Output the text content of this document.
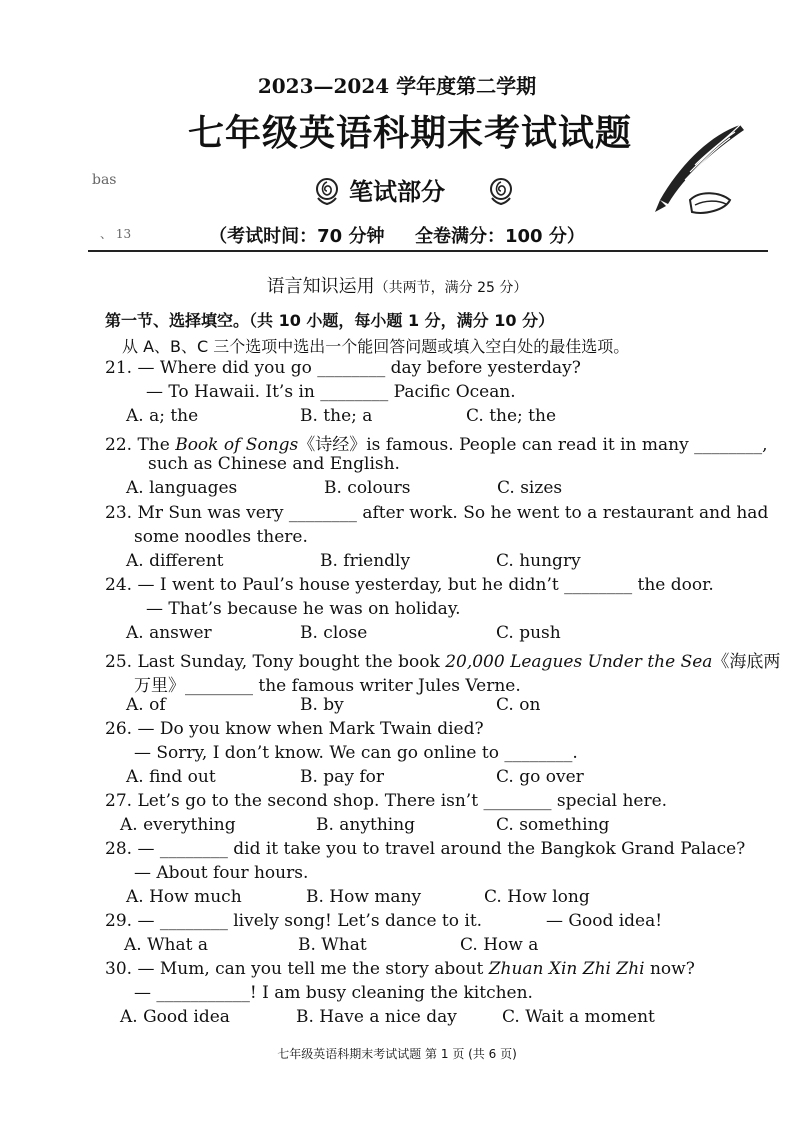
bas
、 13
2023—2024 学年度第二学期
七年级英语科期末考试试题
笔试部分
（考试时间：70 分钟 　 全卷满分：100 分）
语言知识运用（共两节，满分 25 分）
第一节、选择填空。（共 10 小题，每小题 1 分，满分 10 分）
从 A、B、C 三个选项中选出一个能回答问题或填入空白处的最佳选项。
21. — Where did you go ________ day before yesterday?
— To Hawaii. It’s in ________ Pacific Ocean.
A. a; the	B. the; a	C. the; the
22. The Book of Songs《诗经》is famous. People can read it in many ________,
such as Chinese and English.
A. languages	B. colours	C. sizes
23. Mr Sun was very ________ after work. So he went to a restaurant and had
some noodles there.
A. different	B. friendly	C. hungry
24. — I went to Paul’s house yesterday, but he didn’t ________ the door.
— That’s because he was on holiday.
A. answer	B. close	C. push
25. Last Sunday, Tony bought the book 20,000 Leagues Under the Sea《海底两
万里》________ the famous writer Jules Verne.
A. of	B. by	C. on
26. — Do you know when Mark Twain died?
— Sorry, I don’t know. We can go online to ________.
A. find out	B. pay for	C. go over
27. Let’s go to the second shop. There isn’t ________ special here.
A. everything	B. anything	C. something
28. — ________ did it take you to travel around the Bangkok Grand Palace?
— About four hours.
A. How much	B. How many	C. How long
29. — ________ lively song! Let’s dance to it.	— Good idea!
A. What a	B. What	C. How a
30. — Mum, can you tell me the story about Zhuan Xin Zhi Zhi now?
— ___________! I am busy cleaning the kitchen.
A. Good idea	B. Have a nice day	C. Wait a moment
七年级英语科期末考试试题 第 1 页 (共 6 页)
